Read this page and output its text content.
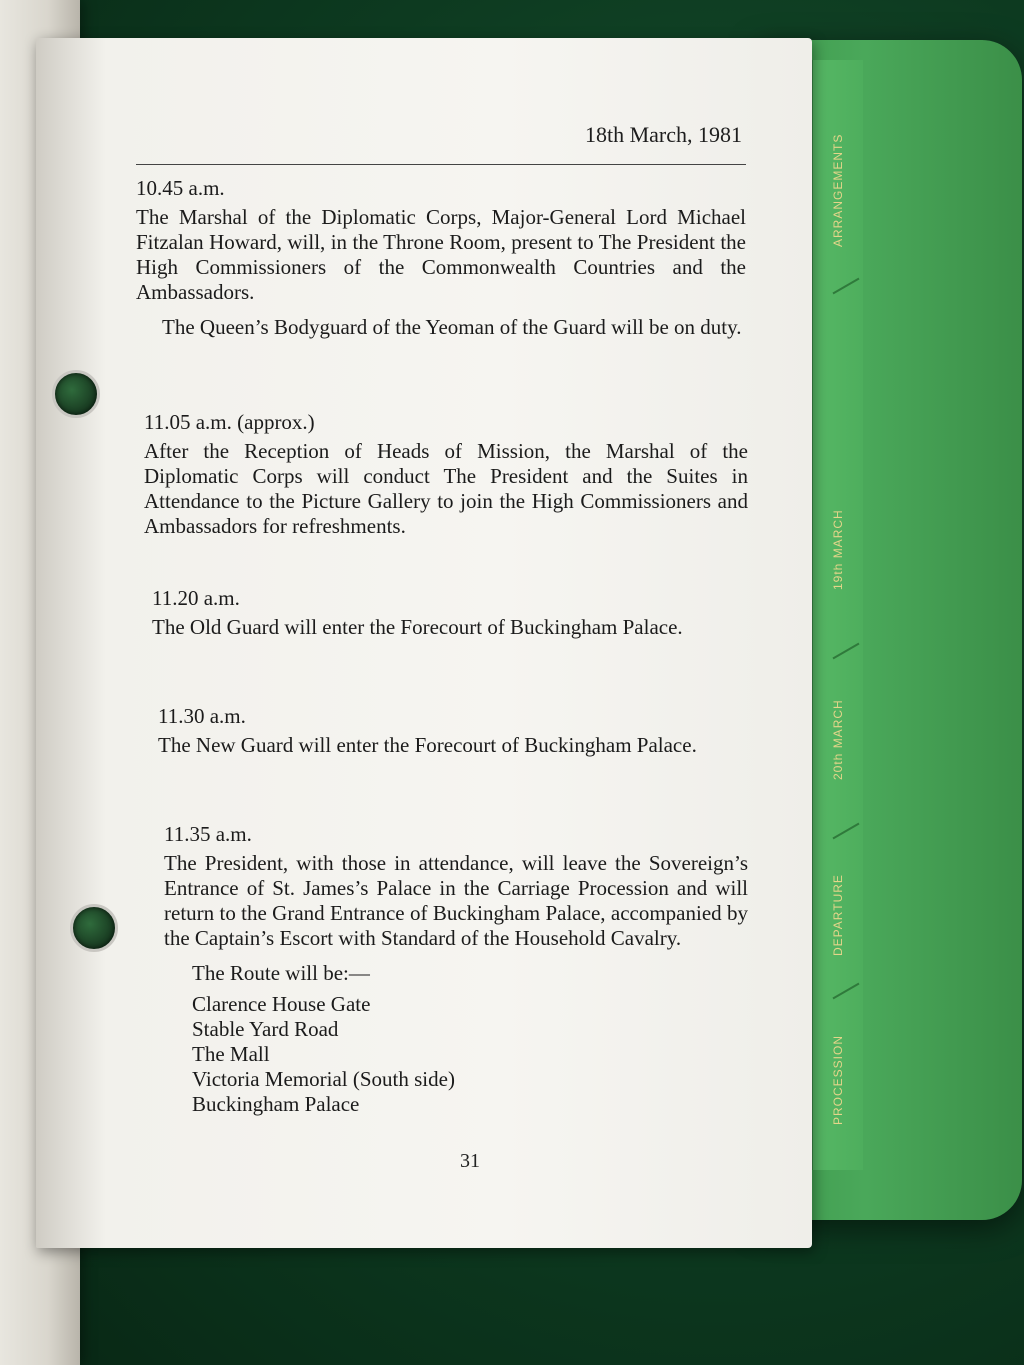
ARRANGEMENTS
19th MARCH
20th MARCH
DEPARTURE
PROCESSION
18th March, 1981
10.45 a.m.

The Marshal of the Diplomatic Corps, Major-General Lord Michael Fitzalan Howard, will, in the Throne Room, present to The President the High Commissioners of the Commonwealth Countries and the Ambassadors.

The Queen’s Bodyguard of the Yeoman of the Guard will be on duty.

11.05 a.m. (approx.)

After the Reception of Heads of Mission, the Marshal of the Diplomatic Corps will conduct The President and the Suites in Attendance to the Picture Gallery to join the High Commissioners and Ambassadors for refreshments.

11.20 a.m.

The Old Guard will enter the Forecourt of Buckingham Palace.

11.30 a.m.

The New Guard will enter the Forecourt of Buckingham Palace.

11.35 a.m.

The President, with those in attendance, will leave the Sovereign’s Entrance of St. James’s Palace in the Carriage Procession and will return to the Grand Entrance of Buckingham Palace, accompanied by the Captain’s Escort with Standard of the Household Cavalry.

The Route will be:—
Clarence House Gate
Stable Yard Road
The Mall
Victoria Memorial (South side)
Buckingham Palace
31
